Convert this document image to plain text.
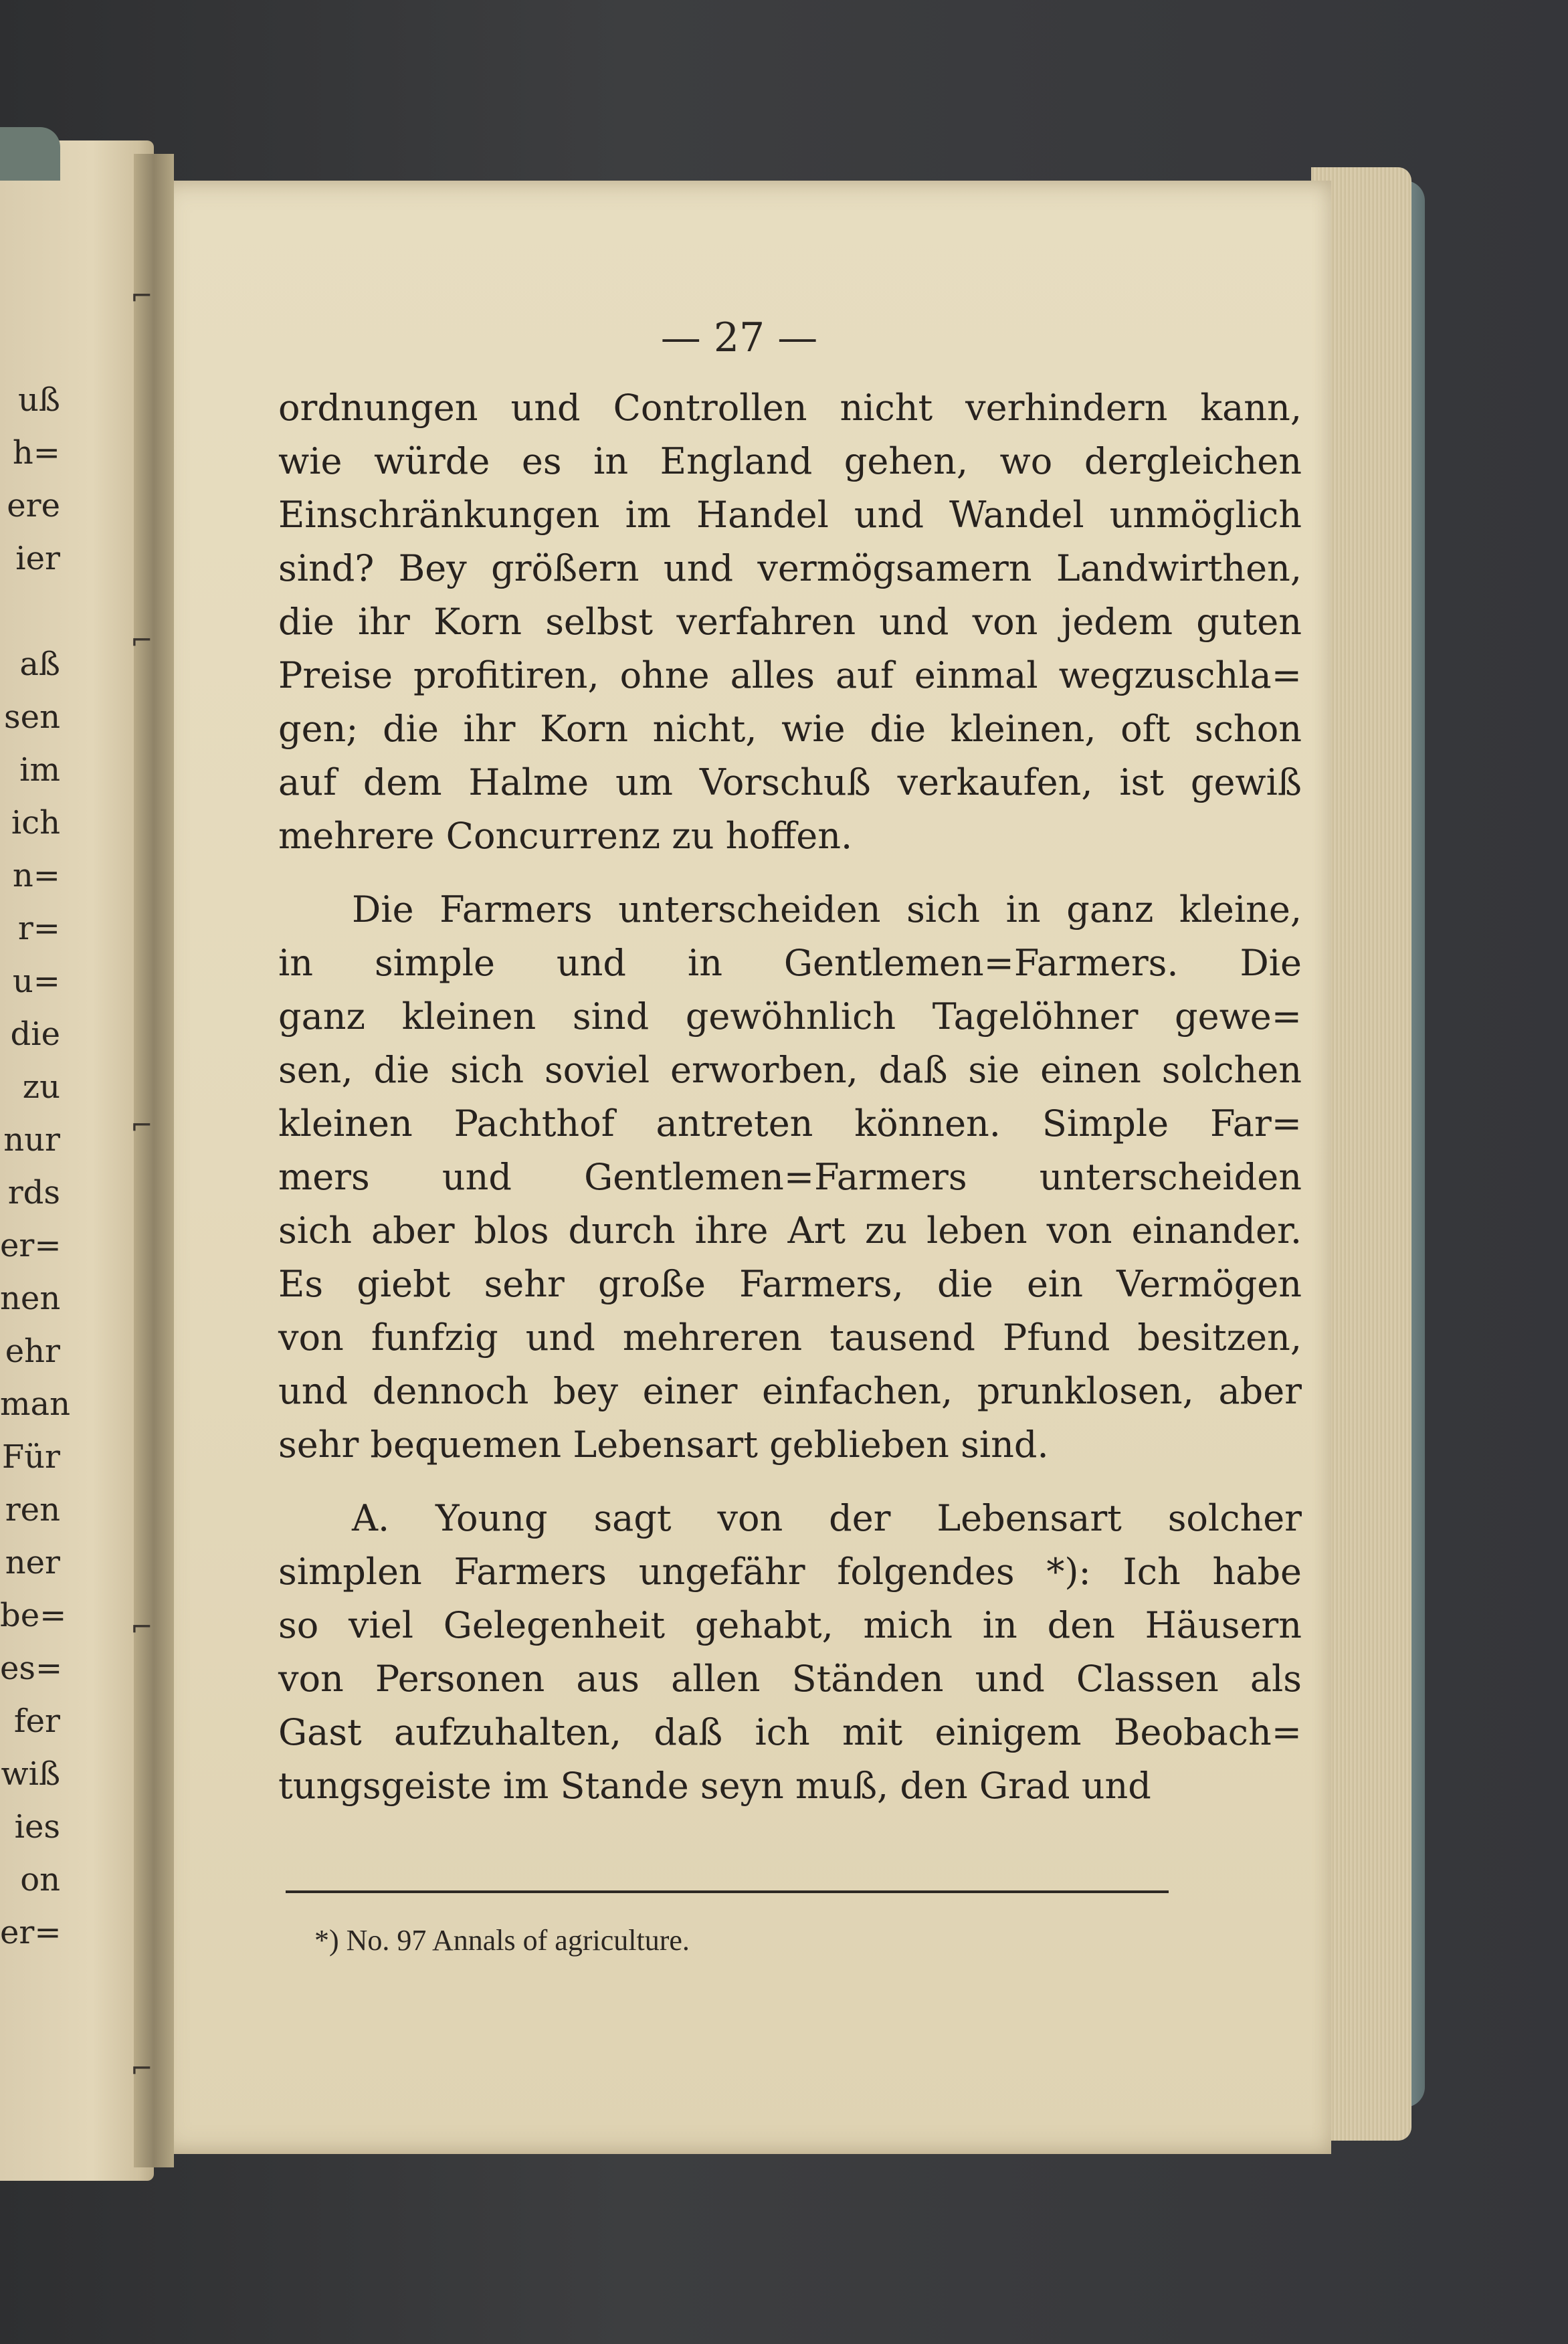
uß
h=
ere
ier
aß
sen
im
ich
n=
r=
u=
die
zu
nur
rds
er=
nen
ehr
man
Für
ren
ner
be=
es=
fer
wiß
ies
on
er=
— 27 —
ordnungen und Controllen nicht verhindern kann,
wie würde es in England gehen, wo dergleichen
Einschränkungen im Handel und Wandel unmöglich
sind? Bey größern und vermögsamern Landwirthen,
die ihr Korn selbst verfahren und von jedem guten
Preise profitiren, ohne alles auf einmal wegzuschla=
gen; die ihr Korn nicht, wie die kleinen, oft schon
auf dem Halme um Vorschuß verkaufen, ist gewiß
mehrere Concurrenz zu hoffen.
Die Farmers unterscheiden sich in ganz kleine,
in simple und in Gentlemen=Farmers. Die
ganz kleinen sind gewöhnlich Tagelöhner gewe=
sen, die sich soviel erworben, daß sie einen solchen
kleinen Pachthof antreten können. Simple Far=
mers und Gentlemen=Farmers unterscheiden
sich aber blos durch ihre Art zu leben von einander.
Es giebt sehr große Farmers, die ein Vermögen
von funfzig und mehreren tausend Pfund besitzen,
und dennoch bey einer einfachen, prunklosen, aber
sehr bequemen Lebensart geblieben sind.
A. Young sagt von der Lebensart solcher
simplen Farmers ungefähr folgendes *): Ich habe
so viel Gelegenheit gehabt, mich in den Häusern
von Personen aus allen Ständen und Classen als
Gast aufzuhalten, daß ich mit einigem Beobach=
tungsgeiste im Stande seyn muß, den Grad und
*) No. 97 Annals of agriculture.
⌐
⌐
⌐
⌐
⌐
